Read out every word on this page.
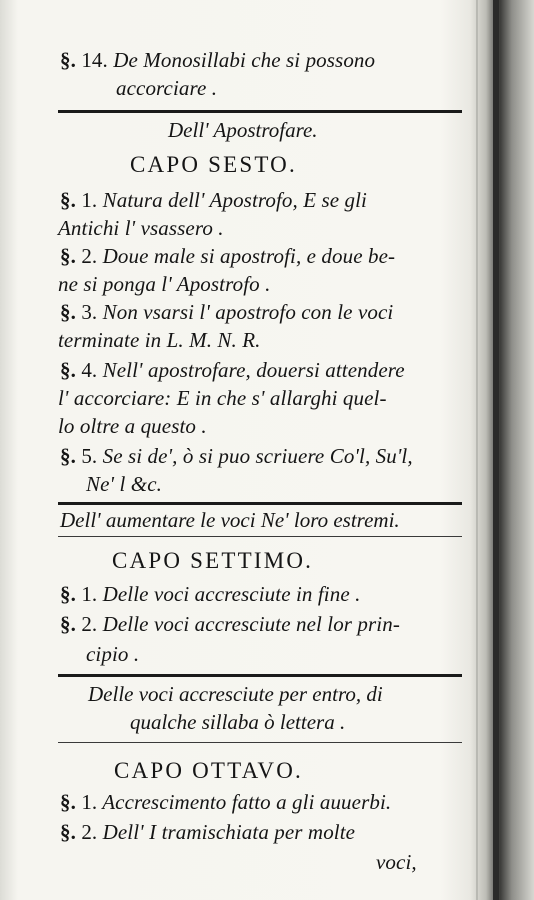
§. 14. De Monosillabi che si possono
accorciare .
Dell' Apostrofare.
CAPO SESTO.
§. 1. Natura dell' Apostrofo, E se gli
Antichi l' vsassero .
§. 2. Doue male si apostrofi, e doue be-
ne si ponga l' Apostrofo .
§. 3. Non vsarsi l' apostrofo con le voci
terminate in L. M. N. R.
§. 4. Nell' apostrofare, douersi attendere
l' accorciare: E in che s' allarghi quel-
lo oltre a questo .
§. 5. Se si de', ò si puo scriuere Co'l, Su'l,
Ne' l &c.
Dell' aumentare le voci Ne' loro estremi.
CAPO SETTIMO.
§. 1. Delle voci accresciute in fine .
§. 2. Delle voci accresciute nel lor prin-
cipio .
Delle voci accresciute per entro, di
qualche sillaba ò lettera .
CAPO OTTAVO.
§. 1. Accrescimento fatto a gli auuerbi.
§. 2. Dell' I tramischiata per molte
voci,
